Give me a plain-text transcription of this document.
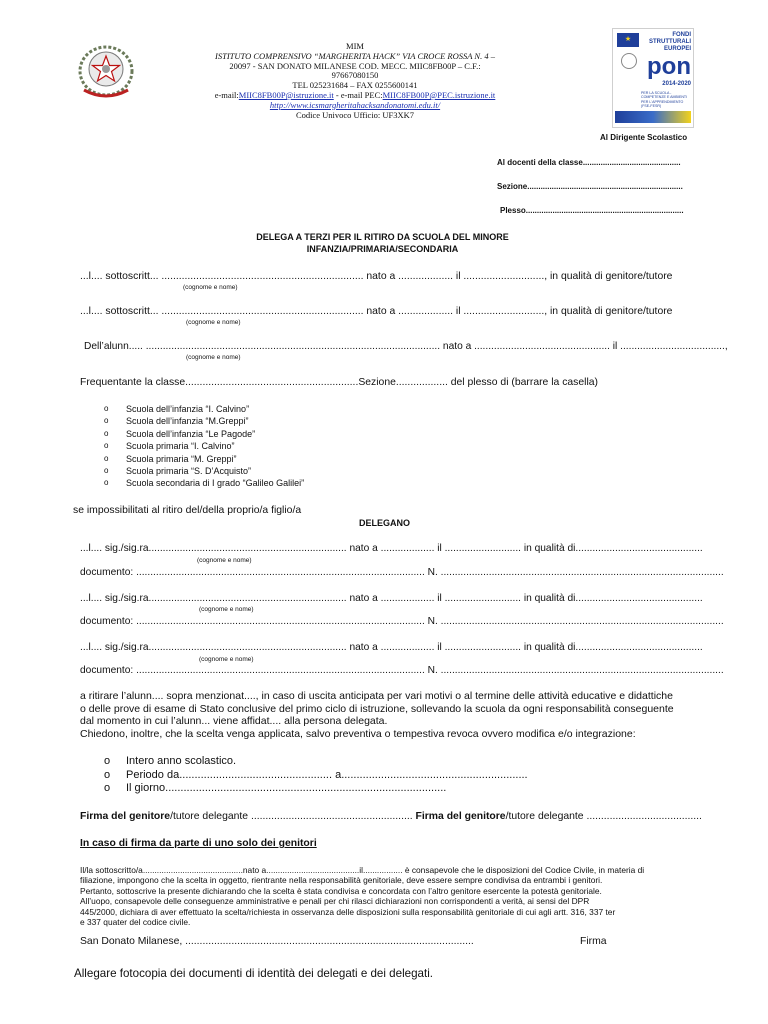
MIM
ISTITUTO COMPRENSIVO “MARGHERITA HACK” VIA CROCE ROSSA N. 4 –
20097 - SAN DONATO MILANESE COD. MECC. MIIC8FB00P – C.F.:
97667080150
TEL 025231684 – FAX 0255600141
e-mail:MIIC8FB00P@istruzione.it - e-mail PEC:MIIC8FB00P@PEC.istruzione.it
http://www.icsmargheritahacksandonatomi.edu.it/
Codice Univoco Ufficio: UF3XK7
★
FONDI
STRUTTURALI
EUROPEI
pon
2014-2020
PER LA SCUOLA - COMPETENZE E AMBIENTI PER L'APPRENDIMENTO (FSE-FESR)
Al Dirigente Scolastico
Al docenti della classe............................................
Sezione......................................................................
Plesso.......................................................................
DELEGA A TERZI PER IL RITIRO DA SCUOLA DEL MINORE
INFANZIA/PRIMARIA/SECONDARIA
...l.... sottoscritt... ...................................................................... nato a ................... il ............................, in qualità di genitore/tutore
(cognome e nome)
...l.... sottoscritt... ...................................................................... nato a ................... il ............................, in qualità di genitore/tutore
(cognome e nome)
Dell’alunn..... ........................................................................................................ nato a ................................................ il .....................................,
(cognome e nome)
Frequentante la classe............................................................Sezione.................. del plesso di (barrare la casella)
o	Scuola dell’infanzia “I. Calvino”
o	Scuola dell’infanzia “M.Greppi”
o	Scuola dell’infanzia “Le Pagode”
o	Scuola primaria “I. Calvino”
o	Scuola primaria “M. Greppi”
o	Scuola primaria “S. D’Acquisto”
o	Scuola secondaria di I grado “Galileo Galilei”
se impossibilitati al ritiro del/della proprio/a figlio/a
DELEGANO
...l.... sig./sig.ra...................................................................... nato a ................... il ........................... in qualità di.............................................
(cognome e nome)
documento: ...................................................................................................... N. ....................................................................................................
...l.... sig./sig.ra...................................................................... nato a ................... il ........................... in qualità di.............................................
(cognome e nome)
documento: ...................................................................................................... N. ....................................................................................................
...l.... sig./sig.ra...................................................................... nato a ................... il ........................... in qualità di.............................................
(cognome e nome)
documento: ...................................................................................................... N. ....................................................................................................
a ritirare l’alunn.... sopra menzionat...., in caso di uscita anticipata per vari motivi o al termine delle attività educative e didattiche
o delle prove di esame di Stato conclusive del primo ciclo di istruzione, sollevando la scuola da ogni responsabilità conseguente
dal momento in cui l’alunn... viene affidat.... alla persona delegata.
Chiedono, inoltre, che la scelta venga applicata, salvo preventiva o tempestiva revoca ovvero modifica e/o integrazione:
o	Intero anno scolastico.
o	Periodo da.................................................. a.............................................................
o	Il giorno............................................................................................
Firma del genitore/tutore delegante ........................................................ Firma del genitore/tutore delegante ........................................
In caso di firma da parte di uno solo dei genitori
Il/la sottoscritto/a...........................................nato a........................................il................. è consapevole che le disposizioni del Codice Civile, in materia di
filiazione, impongono che la scelta in oggetto, rientrante nella responsabilità genitoriale, deve essere sempre condivisa da entrambi i genitori.
Pertanto, sottoscrive la presente dichiarando che la scelta è stata condivisa e concordata con l’altro genitore esercente la potestà genitoriale.
All’uopo, consapevole delle conseguenze amministrative e penali per chi rilasci dichiarazioni non corrispondenti a verità, ai sensi del DPR
445/2000, dichiara di aver effettuato la scelta/richiesta in osservanza delle disposizioni sulla responsabilità genitoriale di cui agli artt. 316, 337 ter
e 337 quater del codice civile.
San Donato Milanese, ....................................................................................................	Firma
Allegare fotocopia dei documenti di identità dei delegati e dei delegati.
